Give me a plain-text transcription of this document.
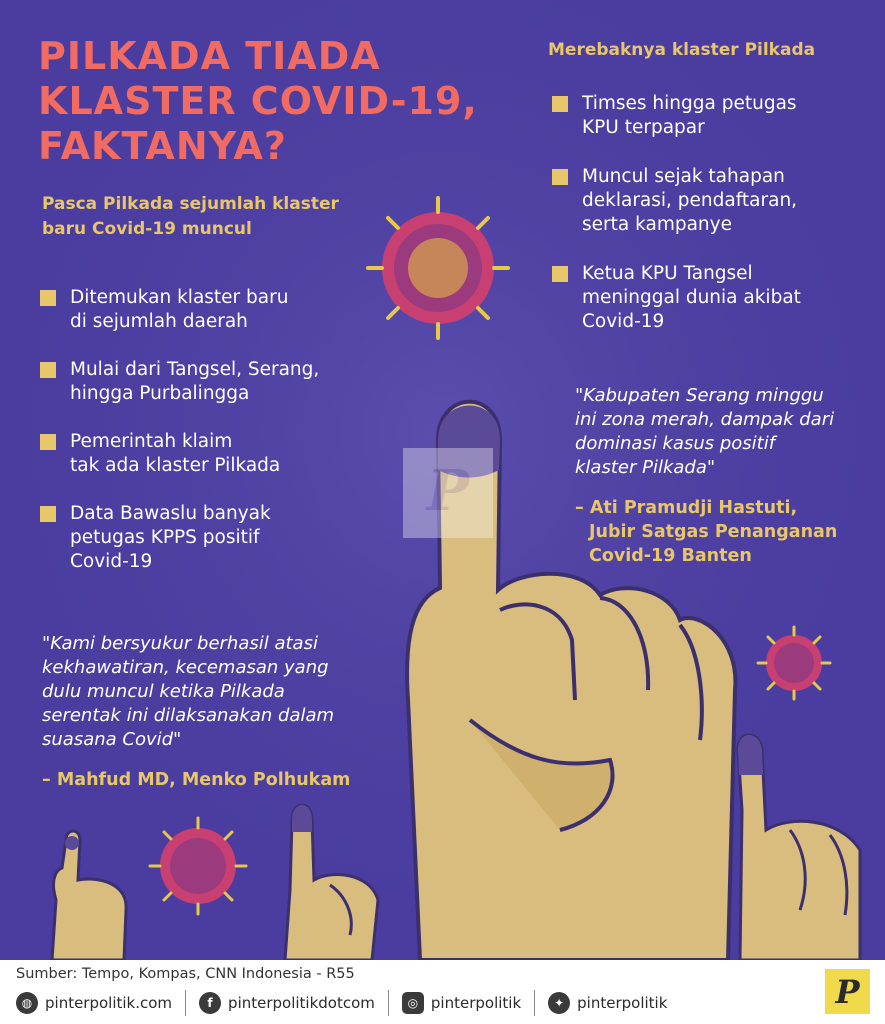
P
PILKADA TIADA
KLASTER COVID-19,
FAKTANYA?
Pasca Pilkada sejumlah klaster
baru Covid-19 muncul
Ditemukan klaster baru
di sejumlah daerah
Mulai dari Tangsel, Serang,
hingga Purbalingga
Pemerintah klaim
tak ada klaster Pilkada
Data Bawaslu banyak
petugas KPPS positif
Covid-19
"Kami bersyukur berhasil atasi
kekhawatiran, kecemasan yang
dulu muncul ketika Pilkada
serentak ini dilaksanakan dalam
suasana Covid"
– Mahfud MD, Menko Polhukam
Merebaknya klaster Pilkada
Timses hingga petugas
KPU terpapar
Muncul sejak tahapan
deklarasi, pendaftaran,
serta kampanye
Ketua KPU Tangsel
meninggal dunia akibat
Covid-19
"Kabupaten Serang minggu
ini zona merah, dampak dari
dominasi kasus positif
klaster Pilkada"
– Ati Pramudji Hastuti,
Jubir Satgas Penanganan
Covid-19 Banten
Sumber: Tempo, Kompas, CNN Indonesia - R55
◍ pinterpolitik.com	f	pinterpolitikdotcom	◎ pinterpolitik	✦ pinterpolitik	P
